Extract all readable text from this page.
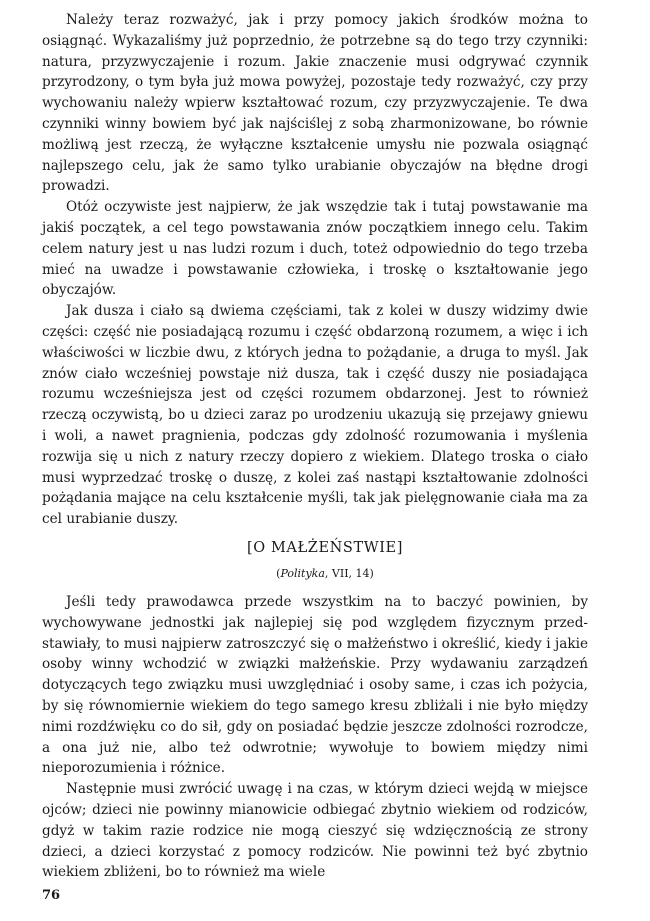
Należy teraz rozważyć, jak i przy pomocy jakich środków można to osiągnąć. Wykazaliśmy już poprzednio, że potrzebne są do tego trzy czynniki: natura, przyzwyczajenie i rozum. Jakie znaczenie musi odgrywać czynnik przyrodzony, o tym była już mowa powyżej, pozostaje tedy rozważyć, czy przy wychowaniu należy wpierw kształtować rozum, czy przyzwyczajenie. Te dwa czynniki winny bowiem być jak najściślej z sobą zharmonizowane, bo równie możliwą jest rzeczą, że wyłączne kształcenie umysłu nie pozwala osiągnąć najlepszego celu, jak że samo tylko urabianie obyczajów na błędne drogi prowadzi.

Otóż oczywiste jest najpierw, że jak wszędzie tak i tutaj powstawanie ma jakiś początek, a cel tego powstawania znów początkiem innego celu. Takim celem natury jest u nas ludzi rozum i duch, toteż odpowiednio do tego trzeba mieć na uwadze i powstawanie człowieka, i troskę o kształtowanie jego obyczajów.

Jak dusza i ciało są dwiema częściami, tak z kolei w duszy widzimy dwie części: część nie posiadającą rozumu i część obdarzoną rozumem, a więc i ich właściwości w liczbie dwu, z których jedna to pożądanie, a druga to myśl. Jak znów ciało wcześniej powstaje niż dusza, tak i część duszy nie posiadająca rozumu wcześniejsza jest od części rozumem obdarzonej. Jest to również rzeczą oczywistą, bo u dzieci zaraz po urodzeniu ukazują się przejawy gniewu i woli, a nawet pragnienia, podczas gdy zdolność rozumowania i myślenia rozwija się u nich z natury rzeczy dopiero z wiekiem. Dlatego troska o ciało musi wyprzedzać troskę o duszę, z kolei zaś nastąpi kształtowanie zdolności pożądania mające na celu kształcenie myśli, tak jak pielęgnowanie ciała ma za cel urabianie duszy.

[O MAŁŻEŃSTWIE]

(Polityka, VII, 14)

Jeśli tedy prawodawca przede wszystkim na to baczyć powinien, by wychowywane jednostki jak najlepiej się pod względem fizycznym przedstawiały, to musi najpierw zatroszczyć się o małżeństwo i określić, kiedy i jakie osoby winny wchodzić w związki małżeńskie. Przy wydawaniu zarządzeń dotyczących tego związku musi uwzględniać i osoby same, i czas ich pożycia, by się równomiernie wiekiem do tego samego kresu zbliżali i nie było między nimi rozdźwięku co do sił, gdy on posiadać będzie jeszcze zdolności rozrodcze, a ona już nie, albo też odwrotnie; wywołuje to bowiem między nimi nieporozumienia i różnice.

Następnie musi zwrócić uwagę i na czas, w którym dzieci wejdą w miejsce ojców; dzieci nie powinny mianowicie odbiegać zbytnio wiekiem od rodziców, gdyż w takim razie rodzice nie mogą cieszyć się wdzięcznością ze strony dzieci, a dzieci korzystać z pomocy rodziców. Nie powinni też być zbytnio wiekiem zbliżeni, bo to również ma wiele

76
